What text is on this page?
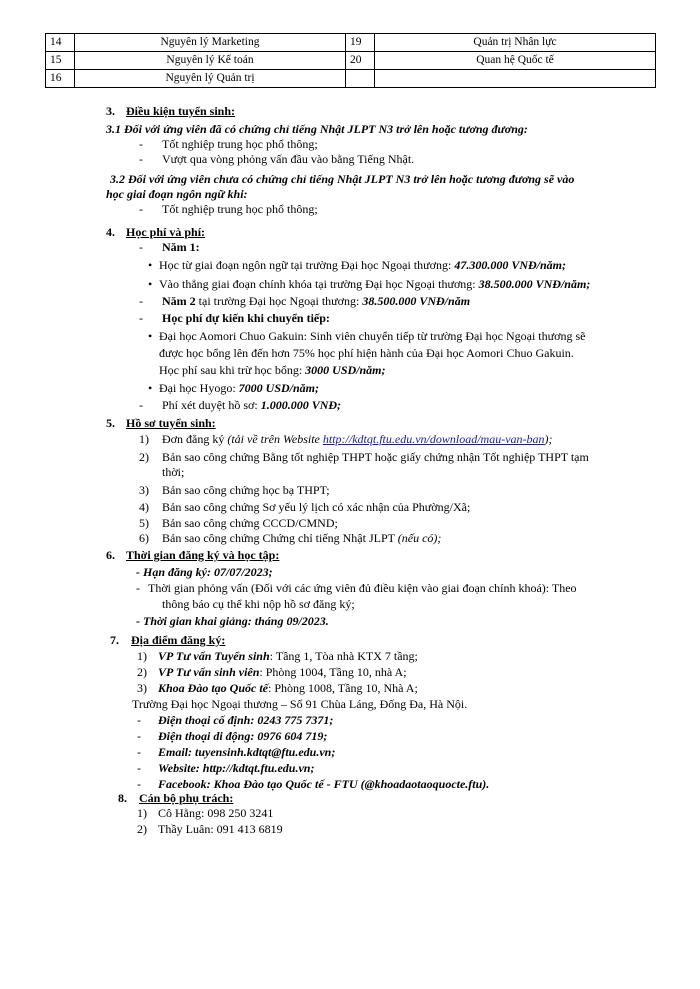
14	Nguyên lý Marketing	19	Quản trị Nhân lực
15	Nguyên lý Kế toán	20	Quan hệ Quốc tế
16	Nguyên lý Quản trị		
3. Điều kiện tuyển sinh:
3.1 Đối với ứng viên đã có chứng chỉ tiếng Nhật JLPT N3 trở lên hoặc tương đương:
- Tốt nghiệp trung học phổ thông;
- Vượt qua vòng phỏng vấn đầu vào bằng Tiếng Nhật.
3.2 Đối với ứng viên chưa có chứng chỉ tiếng Nhật JLPT N3 trở lên hoặc tương đương sẽ vào
học giai đoạn ngôn ngữ khi:
- Tốt nghiệp trung học phổ thông;
4. Học phí và phí:
- Năm 1:
• Học từ giai đoạn ngôn ngữ tại trường Đại học Ngoại thương: 47.300.000 VNĐ/năm;
• Vào thẳng giai đoạn chính khóa tại trường Đại học Ngoại thương: 38.500.000 VNĐ/năm;
- Năm 2 tại trường Đại học Ngoại thương: 38.500.000 VNĐ/năm
- Học phí dự kiến khi chuyển tiếp:
• Đại học Aomori Chuo Gakuin: Sinh viên chuyển tiếp từ trường Đại học Ngoại thương sẽ
được học bổng lên đến hơn 75% học phí hiện hành của Đại học Aomori Chuo Gakuin.
Học phí sau khi trừ học bổng: 3000 USD/năm;
• Đại học Hyogo: 7000 USD/năm;
- Phí xét duyệt hồ sơ: 1.000.000 VNĐ;
5. Hồ sơ tuyển sinh:
1) Đơn đăng ký (tải về trên Website http://kdtqt.ftu.edu.vn/download/mau-van-ban);
2) Bản sao công chứng Bằng tốt nghiệp THPT hoặc giấy chứng nhận Tốt nghiệp THPT tạm
thời;
3) Bản sao công chứng học bạ THPT;
4) Bản sao công chứng Sơ yếu lý lịch có xác nhận của Phường/Xã;
5) Bản sao công chứng CCCD/CMND;
6) Bản sao công chứng Chứng chỉ tiếng Nhật JLPT (nếu có);
6. Thời gian đăng ký và học tập:
- Hạn đăng ký: 07/07/2023;
- Thời gian phỏng vấn (Đối với các ứng viên đủ điều kiện vào giai đoạn chính khoá): Theo
thông báo cụ thể khi nộp hồ sơ đăng ký;
- Thời gian khai giảng: tháng 09/2023.
7. Địa điểm đăng ký:
1) VP Tư vấn Tuyển sinh: Tầng 1, Tòa nhà KTX 7 tầng;
2) VP Tư vấn sinh viên: Phòng 1004, Tầng 10, nhà A;
3) Khoa Đào tạo Quốc tế: Phòng 1008, Tầng 10, Nhà A;
Trường Đại học Ngoại thương – Số 91 Chùa Láng, Đống Đa, Hà Nội.
- Điện thoại cố định: 0243 775 7371;
- Điện thoại di động: 0976 604 719;
- Email: tuyensinh.kdtqt@ftu.edu.vn;
- Website: http://kdtqt.ftu.edu.vn;
- Facebook: Khoa Đào tạo Quốc tế - FTU (@khoadaotaoquocte.ftu).
8. Cán bộ phụ trách:
1) Cô Hằng: 098 250 3241
2) Thầy Luân: 091 413 6819
